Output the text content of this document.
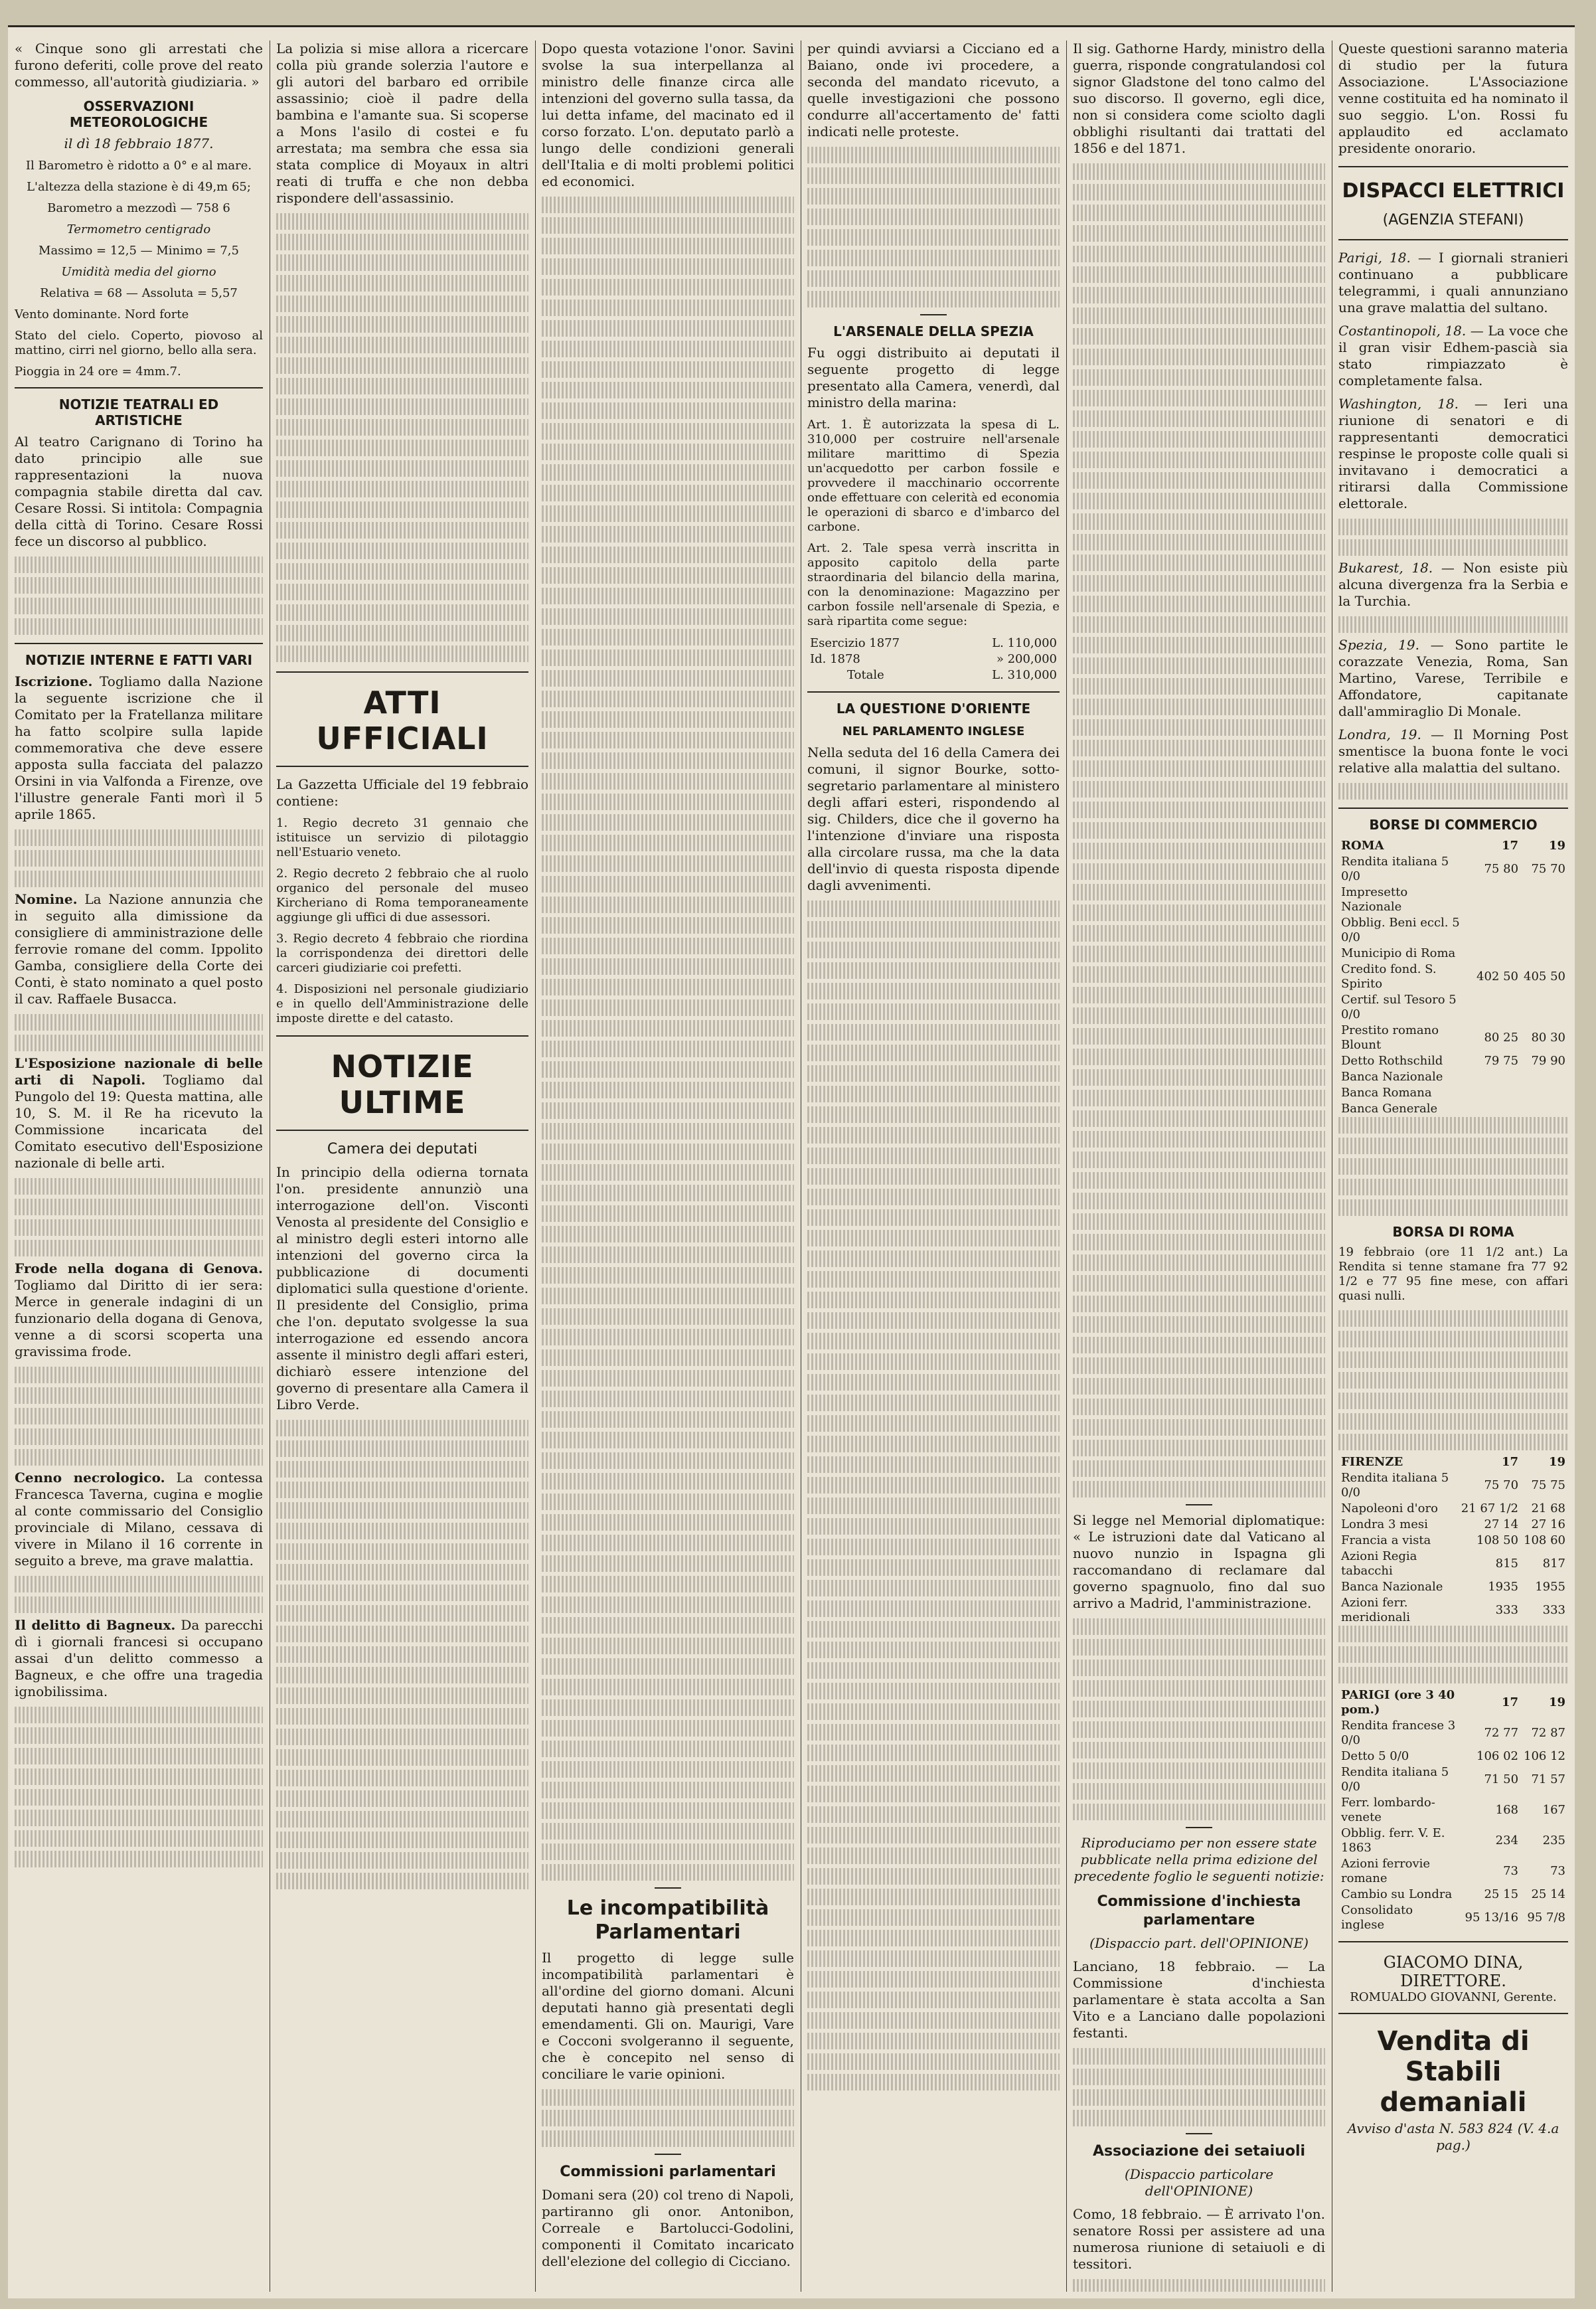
« Cinque sono gli arrestati che furono deferiti, colle prove del reato commesso, all'autorità giudiziaria. »

OSSERVAZIONI METEOROLOGICHE

il dì 18 febbraio 1877.

Il Barometro è ridotto a 0° e al mare.

L'altezza della stazione è di 49,m 65;

Barometro a mezzodì — 758 6

Termometro centigrado

Massimo = 12,5 — Minimo = 7,5

Umidità media del giorno

Relativa = 68 — Assoluta = 5,57

Vento dominante. Nord forte

Stato del cielo. Coperto, piovoso al mattino, cirri nel giorno, bello alla sera.

Pioggia in 24 ore = 4mm.7.

NOTIZIE TEATRALI ED ARTISTICHE

Al teatro Carignano di Torino ha dato principio alle sue rappresentazioni la nuova compagnia stabile diretta dal cav. Cesare Rossi. Si intitola: Compagnia della città di Torino. Cesare Rossi fece un discorso al pubblico.

NOTIZIE INTERNE E FATTI VARI

Iscrizione. Togliamo dalla Nazione la seguente iscrizione che il Comitato per la Fratellanza militare ha fatto scolpire sulla lapide commemorativa che deve essere apposta sulla facciata del palazzo Orsini in via Valfonda a Firenze, ove l'illustre generale Fanti morì il 5 aprile 1865.

Nomine. La Nazione annunzia che in seguito alla dimissione da consigliere di amministrazione delle ferrovie romane del comm. Ippolito Gamba, consigliere della Corte dei Conti, è stato nominato a quel posto il cav. Raffaele Busacca.

L'Esposizione nazionale di belle arti di Napoli. Togliamo dal Pungolo del 19: Questa mattina, alle 10, S. M. il Re ha ricevuto la Commissione incaricata del Comitato esecutivo dell'Esposizione nazionale di belle arti.

Frode nella dogana di Genova. Togliamo dal Diritto di ier sera: Merce in generale indagini di un funzionario della dogana di Genova, venne a di scorsi scoperta una gravissima frode.

Cenno necrologico. La contessa Francesca Taverna, cugina e moglie al conte commissario del Consiglio provinciale di Milano, cessava di vivere in Milano il 16 corrente in seguito a breve, ma grave malattia.

Il delitto di Bagneux. Da parecchi dì i giornali francesi si occupano assai d'un delitto commesso a Bagneux, e che offre una tragedia ignobilissima.

La polizia si mise allora a ricercare colla più grande solerzia l'autore e gli autori del barbaro ed orribile assassinio; cioè il padre della bambina e l'amante sua. Si scoperse a Mons l'asilo di costei e fu arrestata; ma sembra che essa sia stata complice di Moyaux in altri reati di truffa e che non debba rispondere dell'assassinio.

ATTI UFFICIALI

La Gazzetta Ufficiale del 19 febbraio contiene:

1. Regio decreto 31 gennaio che istituisce un servizio di pilotaggio nell'Estuario veneto.

2. Regio decreto 2 febbraio che al ruolo organico del personale del museo Kircheriano di Roma temporaneamente aggiunge gli uffici di due assessori.

3. Regio decreto 4 febbraio che riordina la corrispondenza dei direttori delle carceri giudiziarie coi prefetti.

4. Disposizioni nel personale giudiziario e in quello dell'Amministrazione delle imposte dirette e del catasto.

NOTIZIE ULTIME
Camera dei deputati

In principio della odierna tornata l'on. presidente annunziò una interrogazione dell'on. Visconti Venosta al presidente del Consiglio e al ministro degli esteri intorno alle intenzioni del governo circa la pubblicazione di documenti diplomatici sulla questione d'oriente. Il presidente del Consiglio, prima che l'on. deputato svolgesse la sua interrogazione ed essendo ancora assente il ministro degli affari esteri, dichiarò essere intenzione del governo di presentare alla Camera il Libro Verde.

Dopo questa votazione l'onor. Savini svolse la sua interpellanza al ministro delle finanze circa alle intenzioni del governo sulla tassa, da lui detta infame, del macinato ed il corso forzato. L'on. deputato parlò a lungo delle condizioni generali dell'Italia e di molti problemi politici ed economici.

Le incompatibilità Parlamentari

Il progetto di legge sulle incompatibilità parlamentari è all'ordine del giorno domani. Alcuni deputati hanno già presentati degli emendamenti. Gli on. Maurigi, Vare e Cocconi svolgeranno il seguente, che è concepito nel senso di conciliare le varie opinioni.

Commissioni parlamentari

Domani sera (20) col treno di Napoli, partiranno gli onor. Antonibon, Correale e Bartolucci-Godolini, componenti il Comitato incaricato dell'elezione del collegio di Cicciano.

per quindi avviarsi a Cicciano ed a Baiano, onde ivi procedere, a seconda del mandato ricevuto, a quelle investigazioni che possono condurre all'accertamento de' fatti indicati nelle proteste.

L'ARSENALE DELLA SPEZIA

Fu oggi distribuito ai deputati il seguente progetto di legge presentato alla Camera, venerdì, dal ministro della marina:

Art. 1. È autorizzata la spesa di L. 310,000 per costruire nell'arsenale militare marittimo di Spezia un'acquedotto per carbon fossile e provvedere il macchinario occorrente onde effettuare con celerità ed economia le operazioni di sbarco e d'imbarco del carbone.

Art. 2. Tale spesa verrà inscritta in apposito capitolo della parte straordinaria del bilancio della marina, con la denominazione: Magazzino per carbon fossile nell'arsenale di Spezia, e sarà ripartita come segue:

Esercizio 1877	L. 110,000
Id. 1878	» 200,000
Totale	L. 310,000
LA QUESTIONE D'ORIENTE
NEL PARLAMENTO INGLESE

Nella seduta del 16 della Camera dei comuni, il signor Bourke, sotto-segretario parlamentare al ministero degli affari esteri, rispondendo al sig. Childers, dice che il governo ha l'intenzione d'inviare una risposta alla circolare russa, ma che la data dell'invio di questa risposta dipende dagli avvenimenti.

Il sig. Gathorne Hardy, ministro della guerra, risponde congratulandosi col signor Gladstone del tono calmo del suo discorso. Il governo, egli dice, non si considera come sciolto dagli obblighi risultanti dai trattati del 1856 e del 1871.

Si legge nel Memorial diplomatique: « Le istruzioni date dal Vaticano al nuovo nunzio in Ispagna gli raccomandano di reclamare dal governo spagnuolo, fino dal suo arrivo a Madrid, l'amministrazione.

Riproduciamo per non essere state pubblicate nella prima edizione del precedente foglio le seguenti notizie:

Commissione d'inchiesta parlamentare

(Dispaccio part. dell'OPINIONE)

Lanciano, 18 febbraio. — La Commissione d'inchiesta parlamentare è stata accolta a San Vito e a Lanciano dalle popolazioni festanti.

Associazione dei setaiuoli

(Dispaccio particolare dell'OPINIONE)

Como, 18 febbraio. — È arrivato l'on. senatore Rossi per assistere ad una numerosa riunione di setaiuoli e di tessitori.

Queste questioni saranno materia di studio per la futura Associazione. L'Associazione venne costituita ed ha nominato il suo seggio. L'on. Rossi fu applaudito ed acclamato presidente onorario.

DISPACCI ELETTRICI
(AGENZIA STEFANI)

Parigi, 18. — I giornali stranieri continuano a pubblicare telegrammi, i quali annunziano una grave malattia del sultano.

Costantinopoli, 18. — La voce che il gran visir Edhem-pascià sia stato rimpiazzato è completamente falsa.

Washington, 18. — Ieri una riunione di senatori e di rappresentanti democratici respinse le proposte colle quali si invitavano i democratici a ritirarsi dalla Commissione elettorale.

Bukarest, 18. — Non esiste più alcuna divergenza fra la Serbia e la Turchia.

Spezia, 19. — Sono partite le corazzate Venezia, Roma, San Martino, Varese, Terribile e Affondatore, capitanate dall'ammiraglio Di Monale.

Londra, 19. — Il Morning Post smentisce la buona fonte le voci relative alla malattia del sultano.

BORSE DI COMMERCIO
ROMA	17	19
Rendita italiana 5 0/0	75 80	75 70
Impresetto Nazionale		
Obblig. Beni eccl. 5 0/0		
Municipio di Roma		
Credito fond. S. Spirito	402 50	405 50
Certif. sul Tesoro 5 0/0		
Prestito romano Blount	80 25	80 30
Detto Rothschild	79 75	79 90
Banca Nazionale		
Banca Romana		
Banca Generale		
BORSA DI ROMA

19 febbraio (ore 11 1/2 ant.) La Rendita si tenne stamane fra 77 92 1/2 e 77 95 fine mese, con affari quasi nulli.

FIRENZE	17	19
Rendita italiana 5 0/0	75 70	75 75
Napoleoni d'oro	21 67 1/2	21 68
Londra 3 mesi	27 14	27 16
Francia a vista	108 50	108 60
Azioni Regia tabacchi	815	817
Banca Nazionale	1935	1955
Azioni ferr. meridionali	333	333
PARIGI (ore 3 40 pom.)	17	19
Rendita francese 3 0/0	72 77	72 87
Detto 5 0/0	106 02	106 12
Rendita italiana 5 0/0	71 50	71 57
Ferr. lombardo-venete	168	167
Obblig. ferr. V. E. 1863	234	235
Azioni ferrovie romane	73	73
Cambio su Londra	25 15	25 14
Consolidato inglese	95 13/16	95 7/8
GIACOMO DINA, DIRETTORE.

ROMUALDO GIOVANNI, Gerente.

Vendita di Stabili demaniali

Avviso d'asta N. 583 824 (V. 4.a pag.)
